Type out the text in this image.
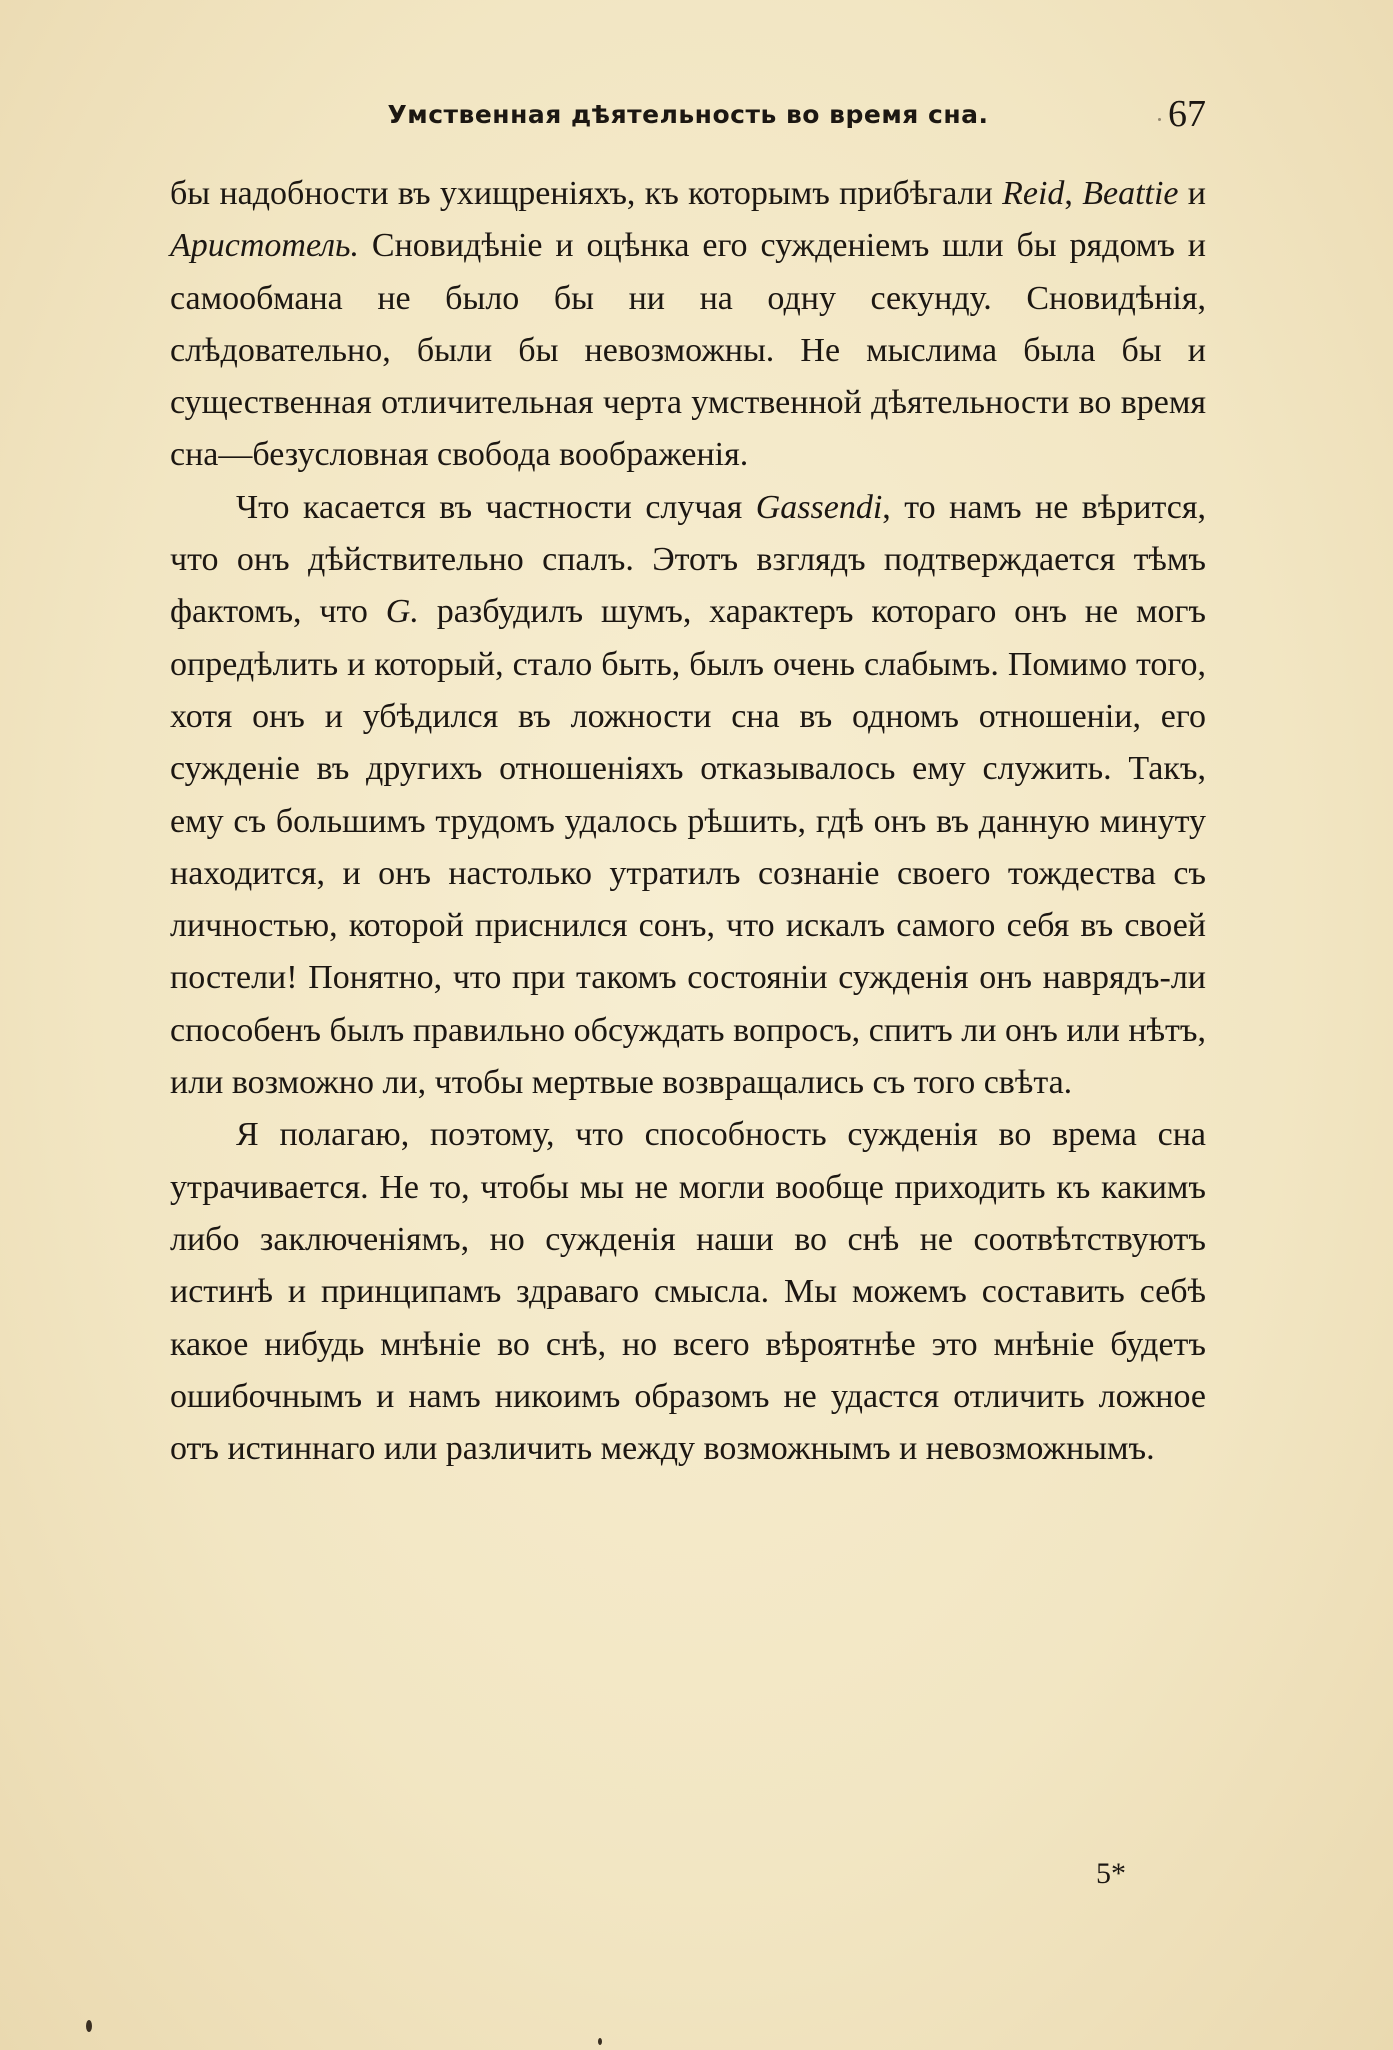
Умственная дѣятельность во время сна.	67

бы надобности въ ухищреніяхъ, къ которымъ прибѣгали Reid, Beattie и Аристотель. Сновидѣніе и оцѣнка его сужденіемъ шли бы рядомъ и самообмана не было бы ни на одну секунду. Сновидѣнія, слѣдовательно, были бы невозможны. Не мыслима была бы и существенная отличительная черта умственной дѣятельности во время сна—безусловная свобода воображенія.

Что касается въ частности случая Gassendi, то намъ не вѣрится, что онъ дѣйствительно спалъ. Этотъ взглядъ подтверждается тѣмъ фактомъ, что G. разбудилъ шумъ, характеръ котораго онъ не могъ опредѣлить и который, стало быть, былъ очень слабымъ. Помимо того, хотя онъ и убѣдился въ ложности сна въ одномъ отношеніи, его сужденіе въ другихъ отношеніяхъ отказывалось ему служить. Такъ, ему съ большимъ трудомъ удалось рѣшить, гдѣ онъ въ данную минуту находится, и онъ настолько утратилъ сознаніе своего тождества съ личностью, которой приснился сонъ, что искалъ самого себя въ своей постели! Понятно, что при такомъ состояніи сужденія онъ наврядъ-ли способенъ былъ правильно обсуждать вопросъ, спитъ ли онъ или нѣтъ, или возможно ли, чтобы мертвые возвращались съ того свѣта.

Я полагаю, поэтому, что способность сужденія во времa сна утрачивается. Не то, чтобы мы не могли вообще приходить къ какимъ либо заключеніямъ, но сужденія наши во снѣ не соотвѣтствуютъ истинѣ и принципамъ здраваго смысла. Мы можемъ составить себѣ какое нибудь мнѣніе во снѣ, но всего вѣроятнѣе это мнѣніе будетъ ошибочнымъ и намъ никоимъ образомъ не удастся отличить ложное отъ истиннаго или различить между возможнымъ и невозможнымъ.

5*
